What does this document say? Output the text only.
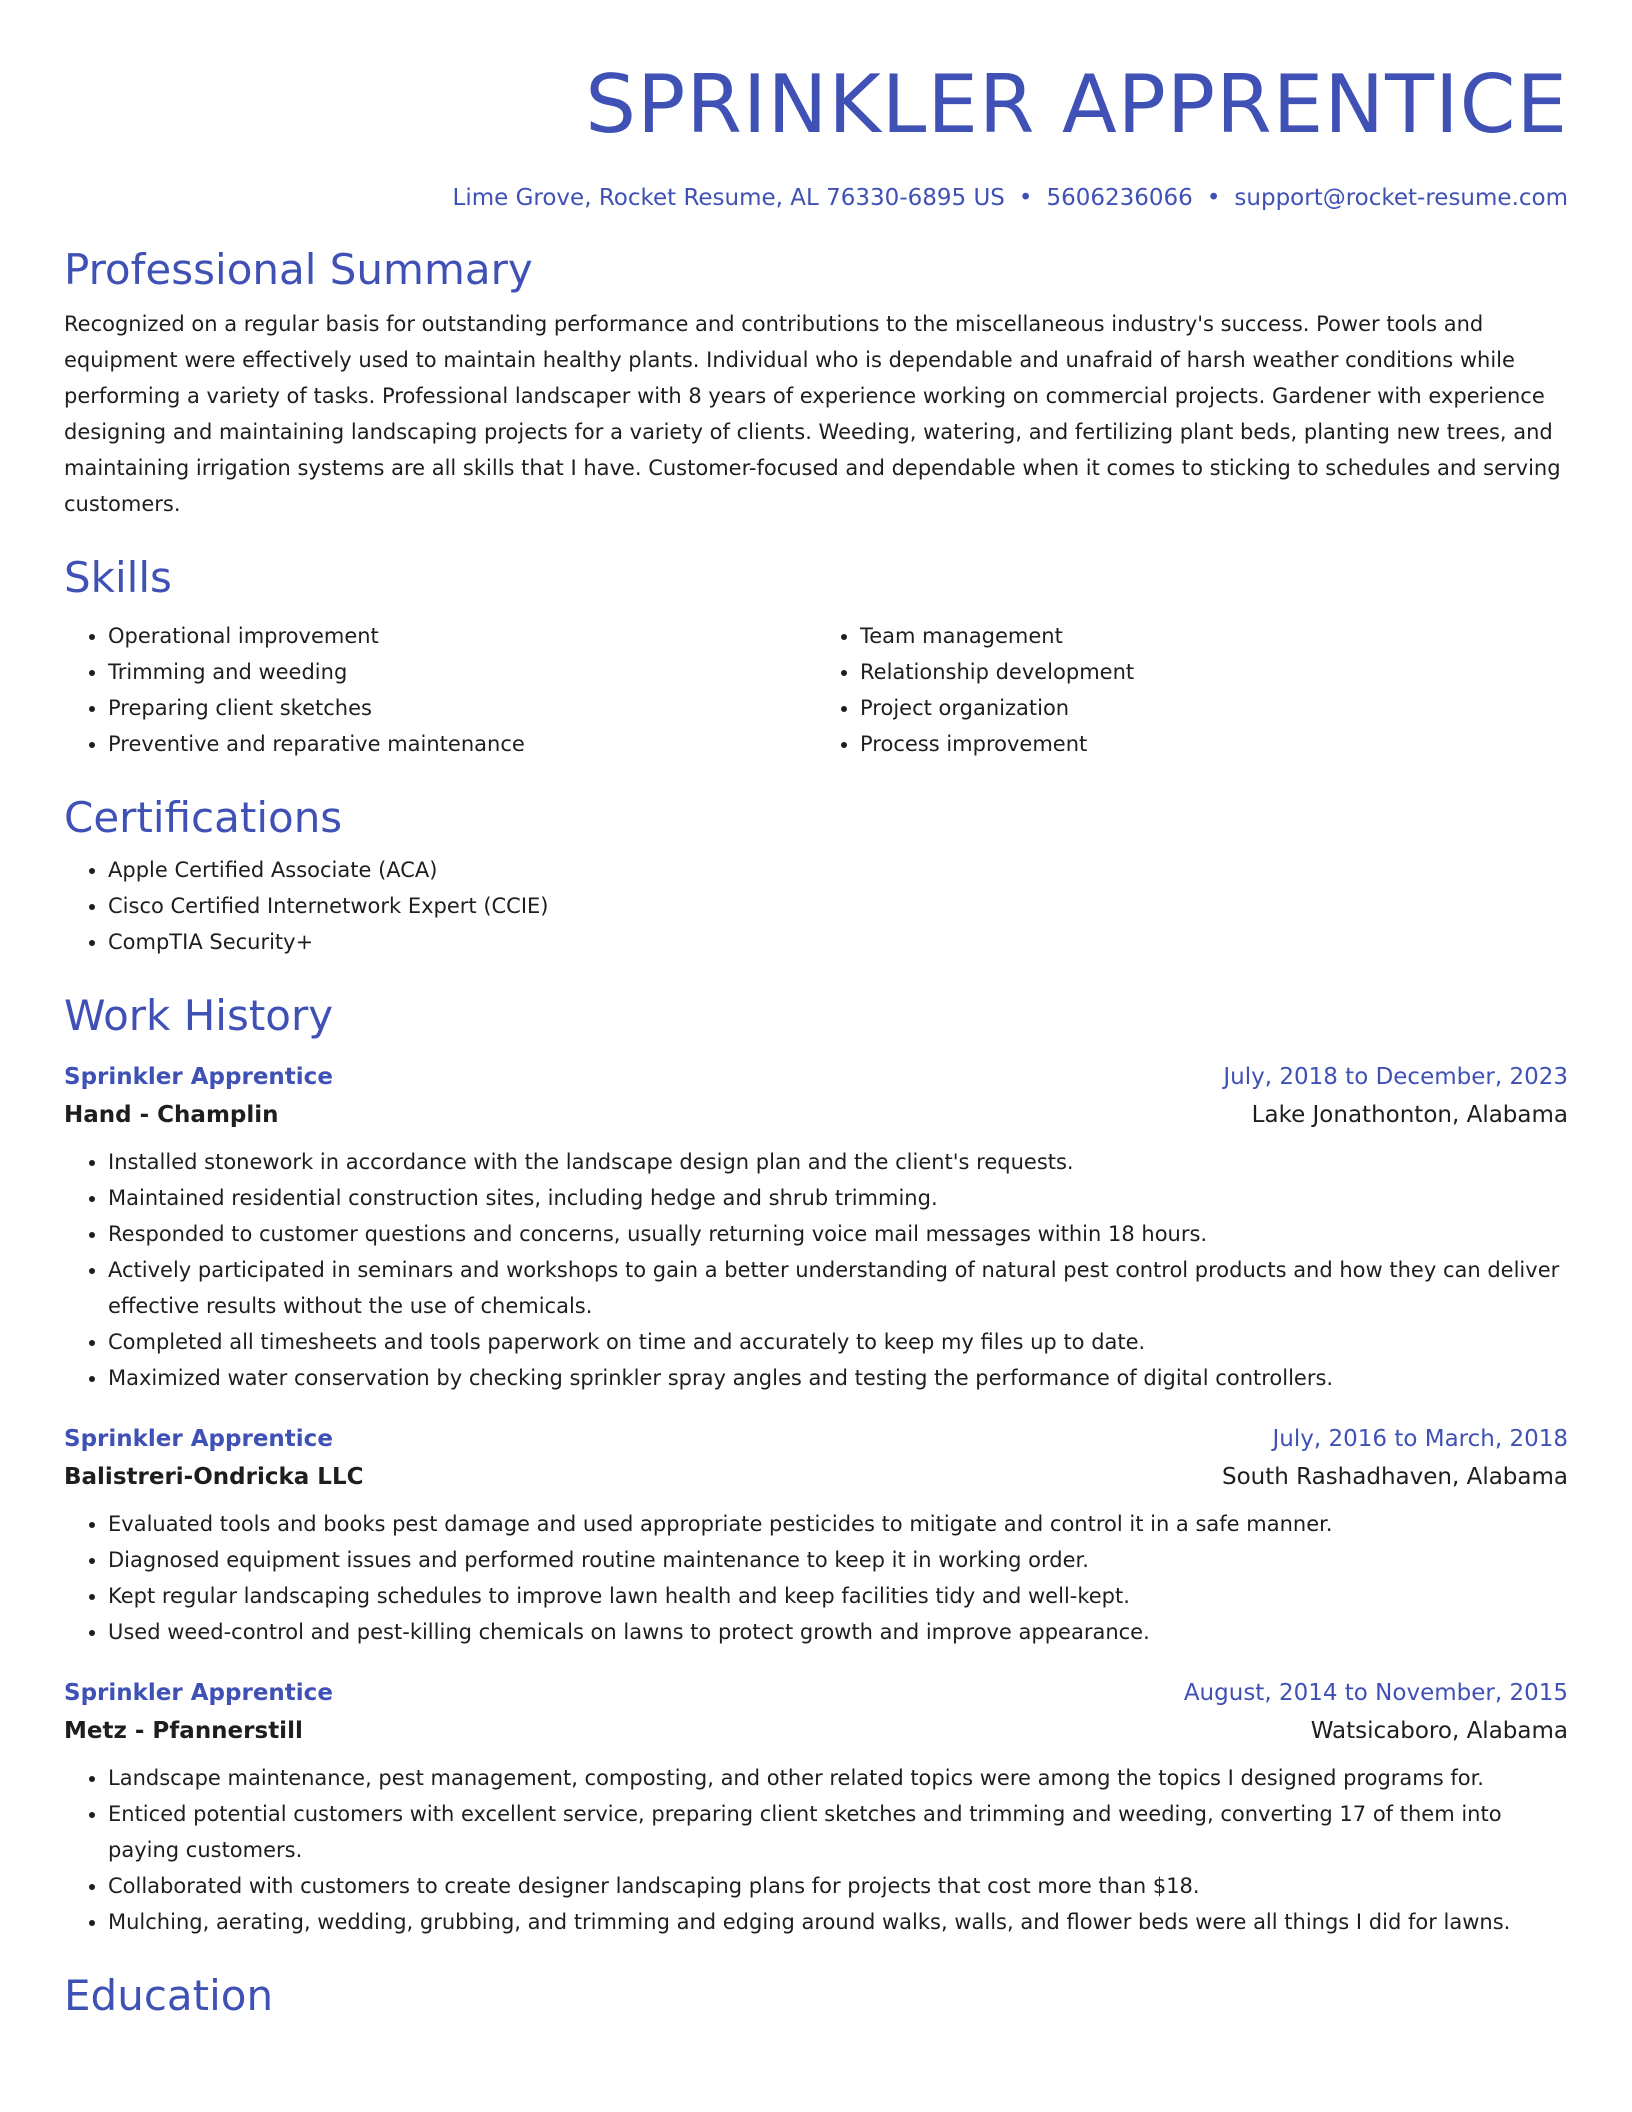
SPRINKLER APPRENTICE
Lime Grove, Rocket Resume, AL 76330-6895 US • 5606236066 • support@rocket-resume.com
Professional Summary
Recognized on a regular basis for outstanding performance and contributions to the miscellaneous industry's success. Power tools and equipment were effectively used to maintain healthy plants. Individual who is dependable and unafraid of harsh weather conditions while performing a variety of tasks. Professional landscaper with 8 years of experience working on commercial projects. Gardener with experience designing and maintaining landscaping projects for a variety of clients. Weeding, watering, and fertilizing plant beds, planting new trees, and maintaining irrigation systems are all skills that I have. Customer-focused and dependable when it comes to sticking to schedules and serving customers.
Skills
• Operational improvement
• Trimming and weeding
• Preparing client sketches
• Preventive and reparative maintenance
• Team management
• Relationship development
• Project organization
• Process improvement
Certifications
• Apple Certified Associate (ACA)
• Cisco Certified Internetwork Expert (CCIE)
• CompTIA Security+
Work History
Sprinkler Apprentice	July, 2018 to December, 2023
Hand - Champlin	Lake Jonathonton, Alabama
• Installed stonework in accordance with the landscape design plan and the client's requests.
• Maintained residential construction sites, including hedge and shrub trimming.
• Responded to customer questions and concerns, usually returning voice mail messages within 18 hours.
• Actively participated in seminars and workshops to gain a better understanding of natural pest control products and how they can deliver effective results without the use of chemicals.
• Completed all timesheets and tools paperwork on time and accurately to keep my files up to date.
• Maximized water conservation by checking sprinkler spray angles and testing the performance of digital controllers.
Sprinkler Apprentice	July, 2016 to March, 2018
Balistreri-Ondricka LLC	South Rashadhaven, Alabama
• Evaluated tools and books pest damage and used appropriate pesticides to mitigate and control it in a safe manner.
• Diagnosed equipment issues and performed routine maintenance to keep it in working order.
• Kept regular landscaping schedules to improve lawn health and keep facilities tidy and well-kept.
• Used weed-control and pest-killing chemicals on lawns to protect growth and improve appearance.
Sprinkler Apprentice	August, 2014 to November, 2015
Metz - Pfannerstill	Watsicaboro, Alabama
• Landscape maintenance, pest management, composting, and other related topics were among the topics I designed programs for.
• Enticed potential customers with excellent service, preparing client sketches and trimming and weeding, converting 17 of them into paying customers.
• Collaborated with customers to create designer landscaping plans for projects that cost more than $18.
• Mulching, aerating, wedding, grubbing, and trimming and edging around walks, walls, and flower beds were all things I did for lawns.
Education
